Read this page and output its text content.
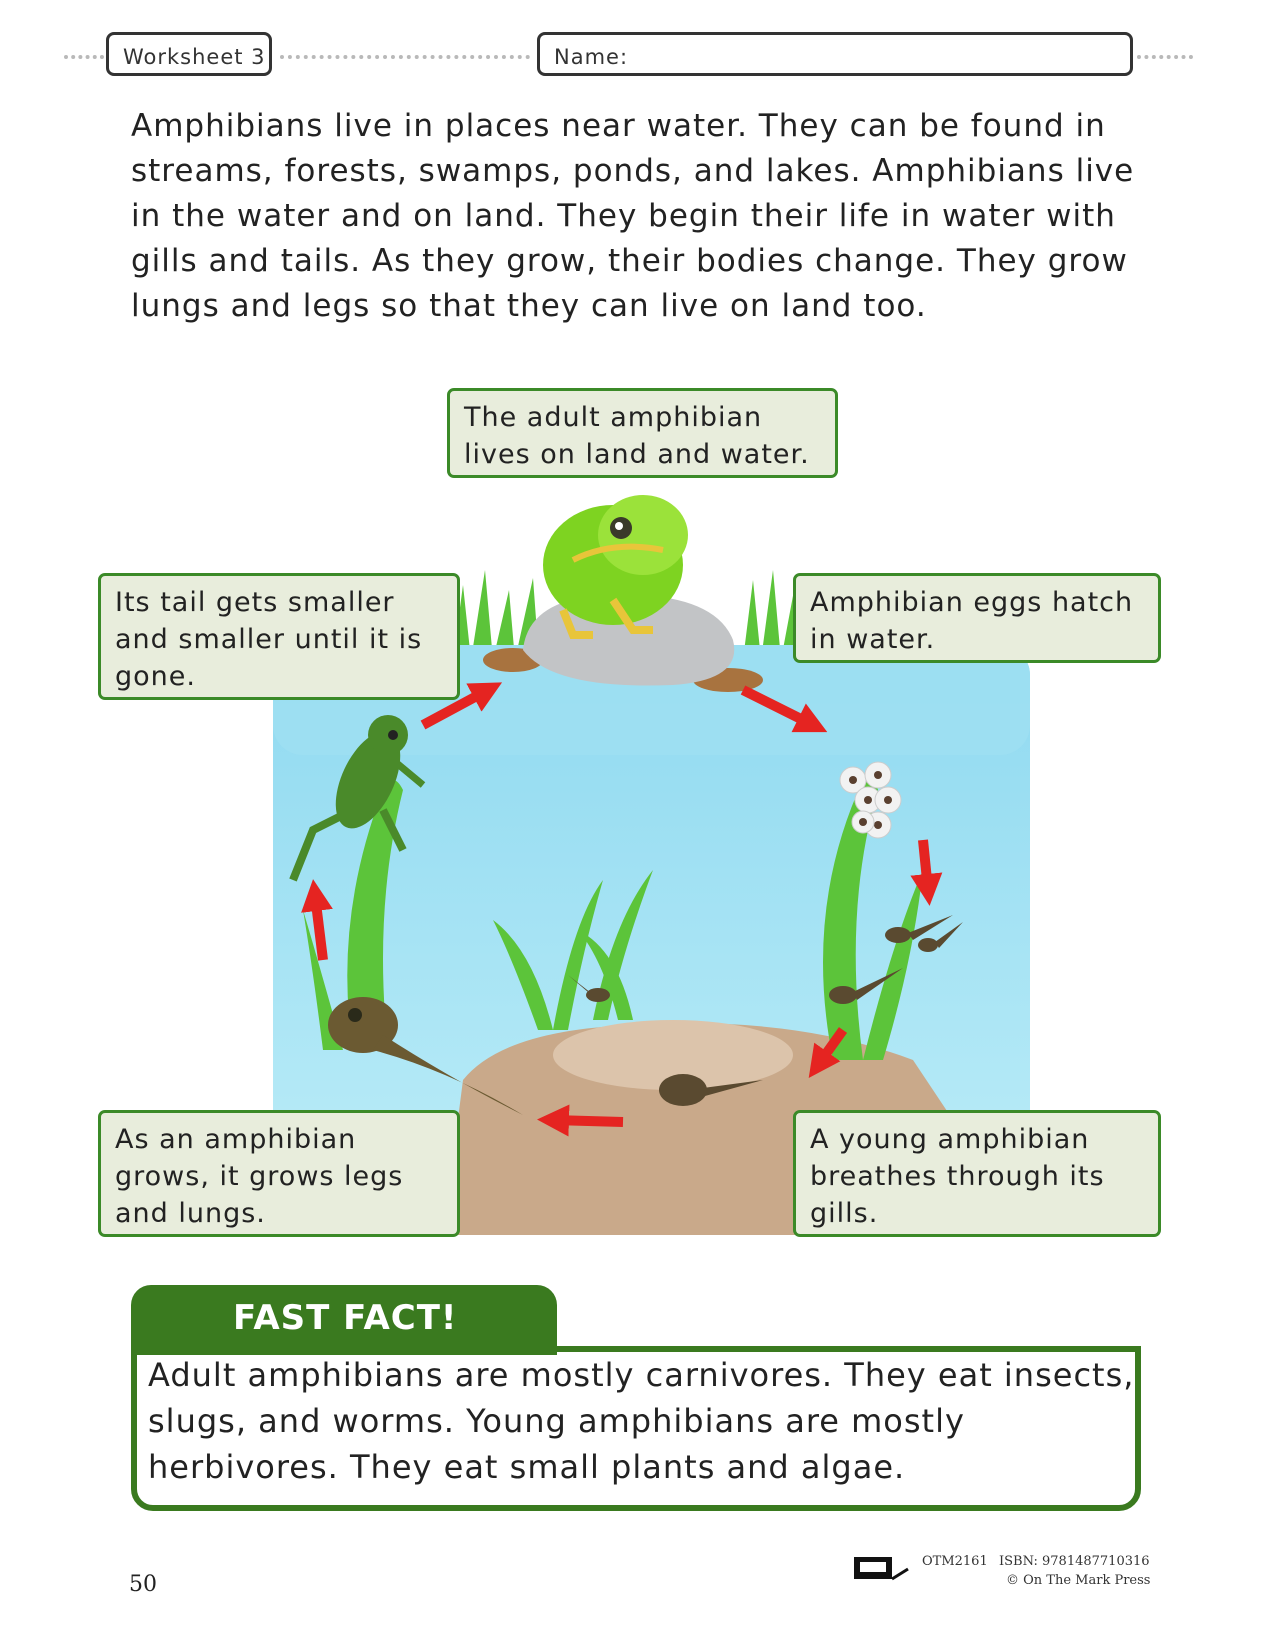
Worksheet 3	Name:
Amphibians live in places near water. They can be found in streams, forests, swamps, ponds, and lakes. Amphibians live in the water and on land. They begin their life in water with gills and tails. As they grow, their bodies change. They grow lungs and legs so that they can live on land too.
The adult amphibian lives on land and water.
Its tail gets smaller and smaller until it is gone.
Amphibian eggs hatch in water.
As an amphibian grows, it grows legs and lungs.
A young amphibian breathes through its gills.
FAST FACT!
Adult amphibians are mostly carnivores. They eat insects, slugs, and worms. Young amphibians are mostly herbivores. They eat small plants and algae.
50
OTM2161 ISBN: 9781487710316
© On The Mark Press
